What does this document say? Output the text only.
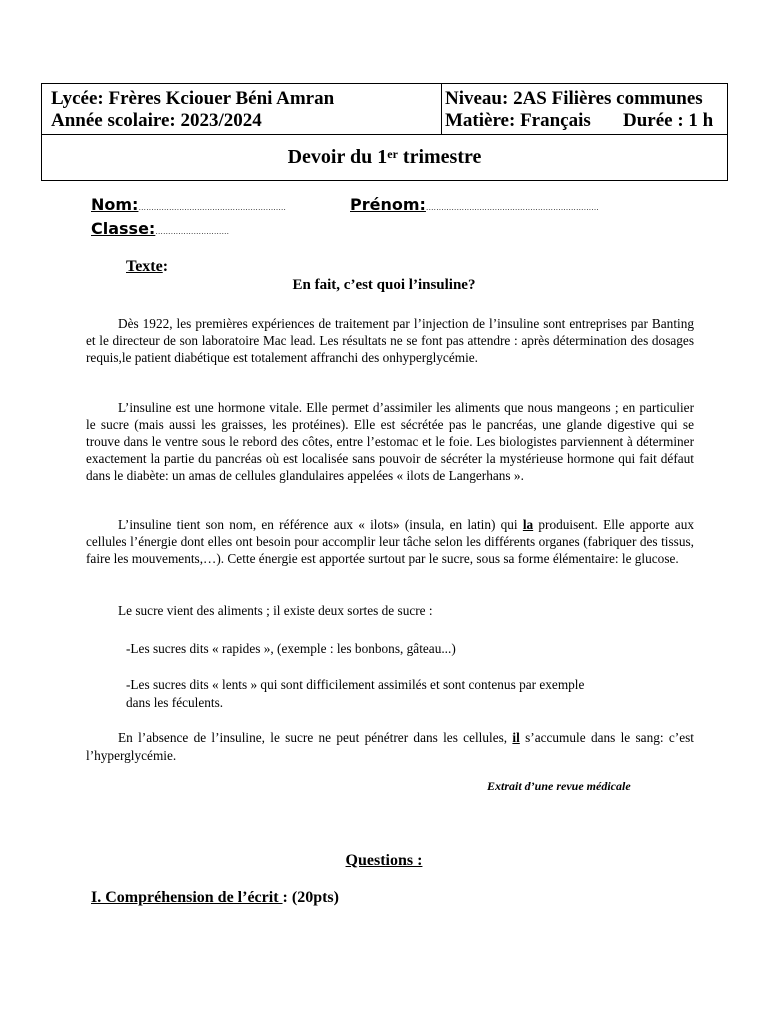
Lycée: Frères Kciouer Béni Amran
Année scolaire: 2023/2024
Niveau: 2AS Filières communes
Matière: Français Durée : 1 h
Devoir du 1er trimestre
Nom:..........................................................	Prénom:....................................................................
Classe:.............................
Texte:
En fait, c’est quoi l’insuline?
Dès 1922, les premières expériences de traitement par l’injection de l’insuline sont entreprises par Banting et le directeur de son laboratoire Mac lead. Les résultats ne se font pas attendre : après détermination des dosages requis,le patient diabétique est totalement affranchi des onhyperglycémie.
L’insuline est une hormone vitale. Elle permet d’assimiler les aliments que nous mangeons ; en particulier le sucre (mais aussi les graisses, les protéines). Elle est sécrétée pas le pancréas, une glande digestive qui se trouve dans le ventre sous le rebord des côtes, entre l’estomac et le foie. Les biologistes parviennent à déterminer exactement la partie du pancréas où est localisée sans pouvoir de sécréter la mystérieuse hormone qui fait défaut dans le diabète: un amas de cellules glandulaires appelées « ilots de Langerhans ».
L’insuline tient son nom, en référence aux « ilots» (insula, en latin) qui la produisent. Elle apporte aux cellules l’énergie dont elles ont besoin pour accomplir leur tâche selon les différents organes (fabriquer des tissus, faire les mouvements,…). Cette énergie est apportée surtout par le sucre, sous sa forme élémentaire: le glucose.
Le sucre vient des aliments ; il existe deux sortes de sucre :
-Les sucres dits « rapides », (exemple : les bonbons, gâteau...)
-Les sucres dits « lents » qui sont difficilement assimilés et sont contenus par exemple
dans les féculents.
En l’absence de l’insuline, le sucre ne peut pénétrer dans les cellules, il s’accumule dans le sang: c’est l’hyperglycémie.
Extrait d’une revue médicale
Questions :
I. Compréhension de l’écrit : (20pts)
